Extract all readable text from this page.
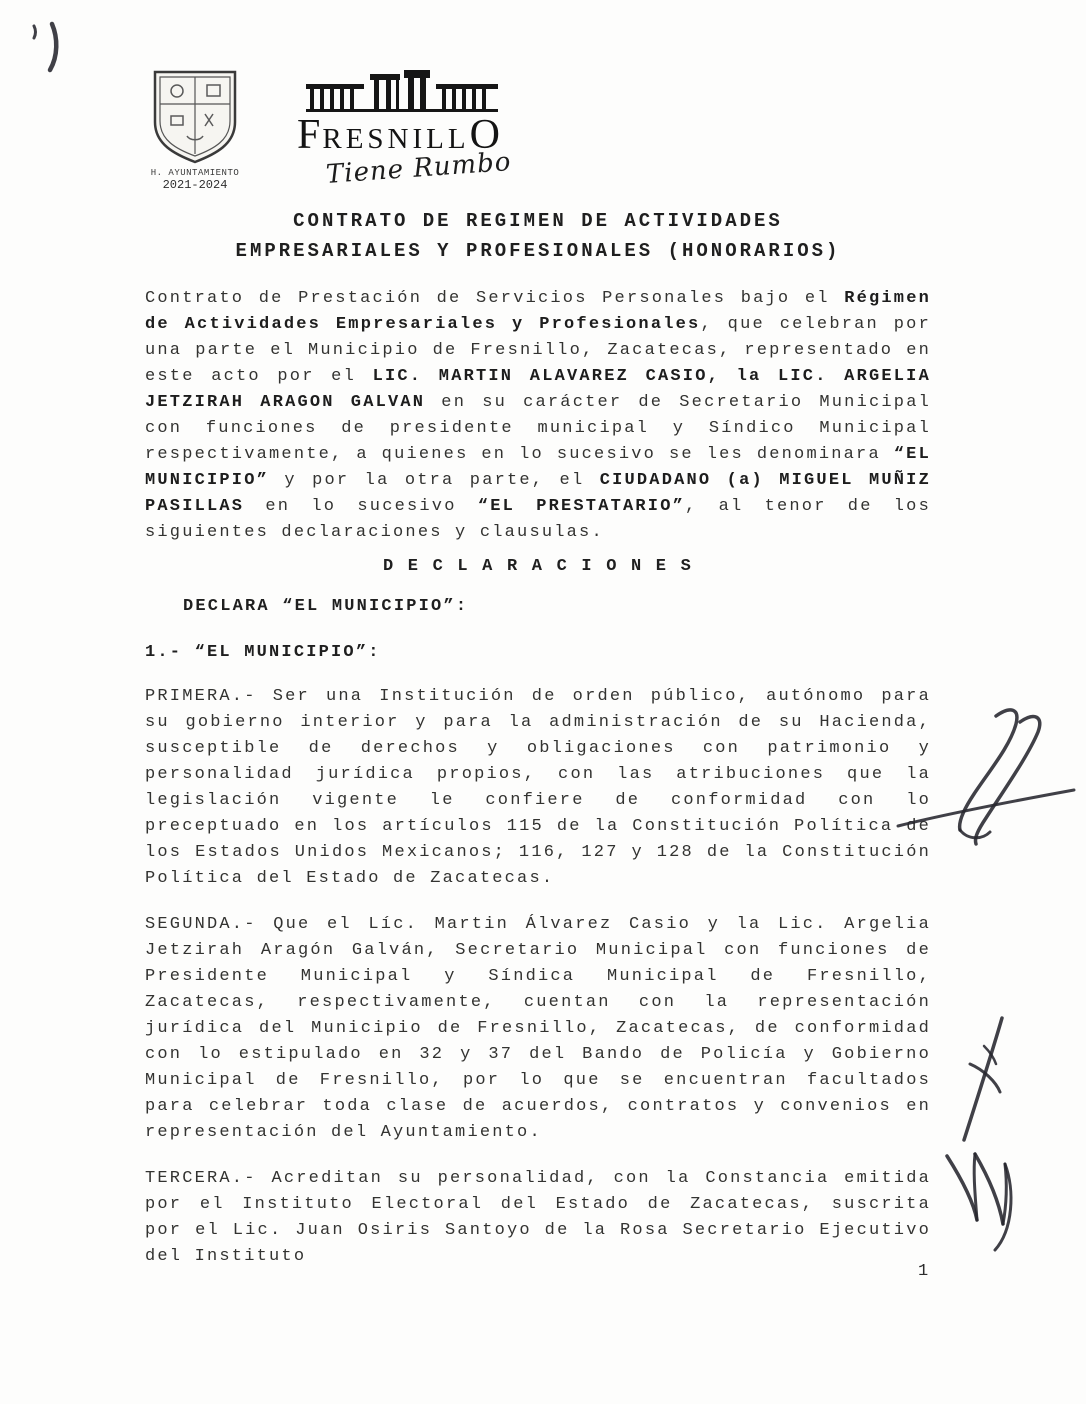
H. AYUNTAMIENTO
2021-2024
FRESNILLO
Tiene Rumbo
CONTRATO DE REGIMEN DE ACTIVIDADES
EMPRESARIALES Y PROFESIONALES (HONORARIOS)

Contrato de Prestación de Servicios Personales bajo el Régimen de Actividades Empresariales y Profesionales, que celebran por una parte el Municipio de Fresnillo, Zacatecas, representado en este acto por el LIC. MARTIN ALAVAREZ CASIO, la LIC. ARGELIA JETZIRAH ARAGON GALVAN en su carácter de Secretario Municipal con funciones de presidente municipal y Síndico Municipal respectivamente, a quienes en lo sucesivo se les denominara “EL MUNICIPIO” y por la otra parte, el CIUDADANO (a) MIGUEL MUÑIZ PASILLAS en lo sucesivo “EL PRESTATARIO”, al tenor de los siguientes declaraciones y clausulas.

D E C L A R A C I O N E S

DECLARA “EL MUNICIPIO”:

1.- “EL MUNICIPIO”:

PRIMERA.- Ser una Institución de orden público, autónomo para su gobierno interior y para la administración de su Hacienda, susceptible de derechos y obligaciones con patrimonio y personalidad jurídica propios, con las atribuciones que la legislación vigente le confiere de conformidad con lo preceptuado en los artículos 115 de la Constitución Política de los Estados Unidos Mexicanos; 116, 127 y 128 de la Constitución Política del Estado de Zacatecas.

SEGUNDA.- Que el Líc. Martin Álvarez Casio y la Lic. Argelia Jetzirah Aragón Galván, Secretario Municipal con funciones de Presidente Municipal y Síndica Municipal de Fresnillo, Zacatecas, respectivamente, cuentan con la representación jurídica del Municipio de Fresnillo, Zacatecas, de conformidad con lo estipulado en 32 y 37 del Bando de Policía y Gobierno Municipal de Fresnillo, por lo que se encuentran facultados para celebrar toda clase de acuerdos, contratos y convenios en representación del Ayuntamiento.

TERCERA.- Acreditan su personalidad, con la Constancia emitida por el Instituto Electoral del Estado de Zacatecas, suscrita por el Lic. Juan Osiris Santoyo de la Rosa Secretario Ejecutivo del Instituto

1
